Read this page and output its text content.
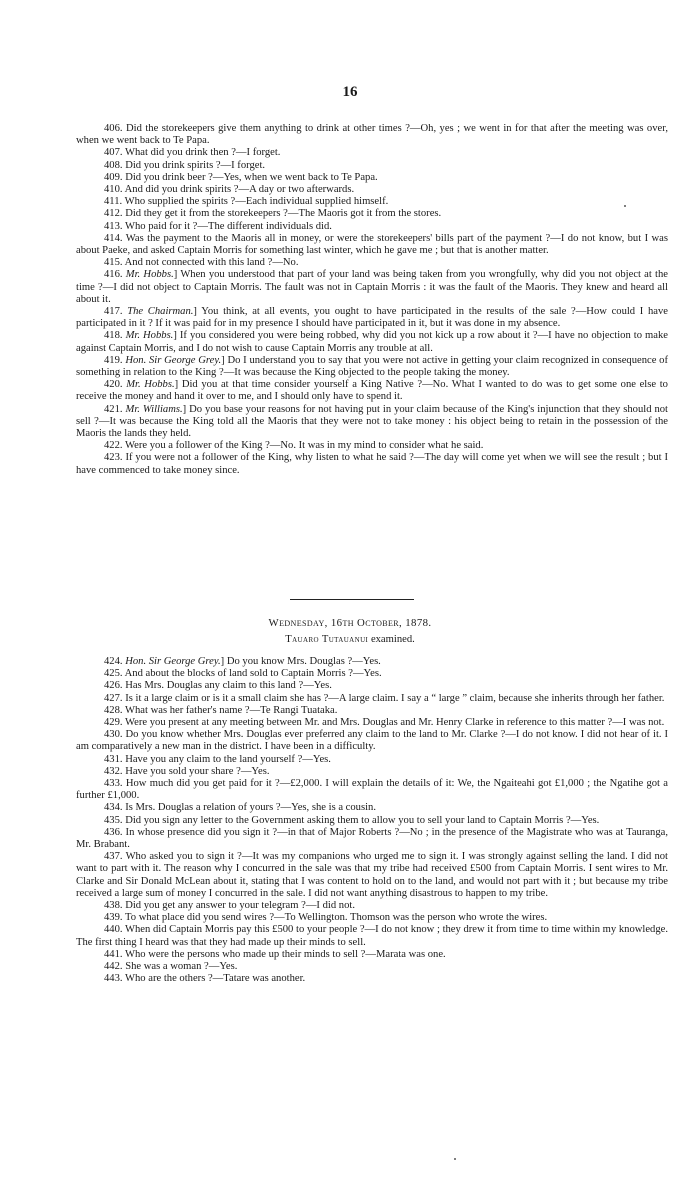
16

406. Did the storekeepers give them anything to drink at other times ?—Oh, yes ; we went in for that after the meeting was over, when we went back to Te Papa.

407. What did you drink then ?—I forget.

408. Did you drink spirits ?—I forget.

409. Did you drink beer ?—Yes, when we went back to Te Papa.

410. And did you drink spirits ?—A day or two afterwards.

411. Who supplied the spirits ?—Each individual supplied himself.

412. Did they get it from the storekeepers ?—The Maoris got it from the stores.

413. Who paid for it ?—The different individuals did.

414. Was the payment to the Maoris all in money, or were the storekeepers' bills part of the payment ?—I do not know, but I was about Paeke, and asked Captain Morris for something last winter, which he gave me ; but that is another matter.

415. And not connected with this land ?—No.

416. Mr. Hobbs.] When you understood that part of your land was being taken from you wrongfully, why did you not object at the time ?—I did not object to Captain Morris. The fault was not in Captain Morris : it was the fault of the Maoris. They knew and heard all about it.

417. The Chairman.] You think, at all events, you ought to have participated in the results of the sale ?—How could I have participated in it ? If it was paid for in my presence I should have participated in it, but it was done in my absence.

418. Mr. Hobbs.] If you considered you were being robbed, why did you not kick up a row about it ?—I have no objection to make against Captain Morris, and I do not wish to cause Captain Morris any trouble at all.

419. Hon. Sir George Grey.] Do I understand you to say that you were not active in getting your claim recognized in consequence of something in relation to the King ?—It was because the King objected to the people taking the money.

420. Mr. Hobbs.] Did you at that time consider yourself a King Native ?—No. What I wanted to do was to get some one else to receive the money and hand it over to me, and I should only have to spend it.

421. Mr. Williams.] Do you base your reasons for not having put in your claim because of the King's injunction that they should not sell ?—It was because the King told all the Maoris that they were not to take money : his object being to retain in the possession of the Maoris the lands they held.

422. Were you a follower of the King ?—No. It was in my mind to consider what he said.

423. If you were not a follower of the King, why listen to what he said ?—The day will come yet when we will see the result ; but I have commenced to take money since.

Wednesday, 16th October, 1878.
Tauaro Tutauanui examined.

424. Hon. Sir George Grey.] Do you know Mrs. Douglas ?—Yes.

425. And about the blocks of land sold to Captain Morris ?—Yes.

426. Has Mrs. Douglas any claim to this land ?—Yes.

427. Is it a large claim or is it a small claim she has ?—A large claim. I say a “ large ” claim, because she inherits through her father.

428. What was her father's name ?—Te Rangi Tuataka.

429. Were you present at any meeting between Mr. and Mrs. Douglas and Mr. Henry Clarke in reference to this matter ?—I was not.

430. Do you know whether Mrs. Douglas ever preferred any claim to the land to Mr. Clarke ?—I do not know. I did not hear of it. I am comparatively a new man in the district. I have been in a difficulty.

431. Have you any claim to the land yourself ?—Yes.

432. Have you sold your share ?—Yes.

433. How much did you get paid for it ?—£2,000. I will explain the details of it: We, the Ngaiteahi got £1,000 ; the Ngatihe got a further £1,000.

434. Is Mrs. Douglas a relation of yours ?—Yes, she is a cousin.

435. Did you sign any letter to the Government asking them to allow you to sell your land to Captain Morris ?—Yes.

436. In whose presence did you sign it ?—in that of Major Roberts ?—No ; in the presence of the Magistrate who was at Tauranga, Mr. Brabant.

437. Who asked you to sign it ?—It was my companions who urged me to sign it. I was strongly against selling the land. I did not want to part with it. The reason why I concurred in the sale was that my tribe had received £500 from Captain Morris. I sent wires to Mr. Clarke and Sir Donald McLean about it, stating that I was content to hold on to the land, and would not part with it ; but because my tribe received a large sum of money I concurred in the sale. I did not want anything disastrous to happen to my tribe.

438. Did you get any answer to your telegram ?—I did not.

439. To what place did you send wires ?—To Wellington. Thomson was the person who wrote the wires.

440. When did Captain Morris pay this £500 to your people ?—I do not know ; they drew it from time to time within my knowledge. The first thing I heard was that they had made up their minds to sell.

441. Who were the persons who made up their minds to sell ?—Marata was one.

442. She was a woman ?—Yes.

443. Who are the others ?—Tatare was another.
